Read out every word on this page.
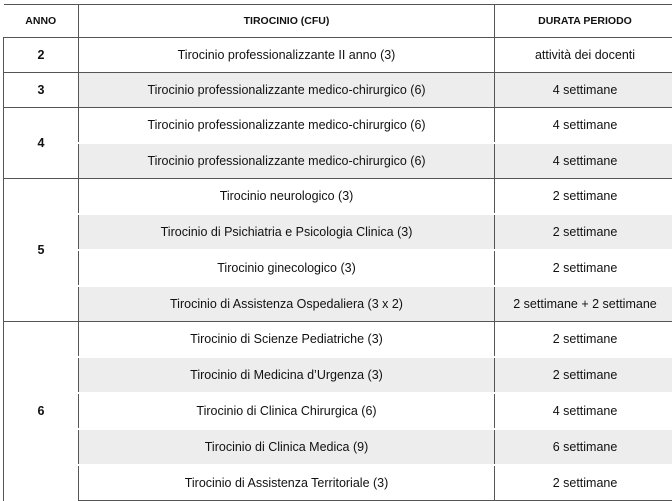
ANNO	TIROCINIO (CFU)	DURATA PERIODO
2	Tirocinio professionalizzante II anno (3)	attività dei docenti
3	Tirocinio professionalizzante medico-chirurgico (6)	4 settimane
4	Tirocinio professionalizzante medico-chirurgico (6)	4 settimane
	Tirocinio professionalizzante medico-chirurgico (6)	4 settimane
5	Tirocinio neurologico (3)	2 settimane
	Tirocinio di Psichiatria e Psicologia Clinica (3)	2 settimane
	Tirocinio ginecologico (3)	2 settimane
	Tirocinio di Assistenza Ospedaliera (3 x 2)	2 settimane + 2 settimane
6	Tirocinio di Scienze Pediatriche (3)	2 settimane
	Tirocinio di Medicina d’Urgenza (3)	2 settimane
	Tirocinio di Clinica Chirurgica (6)	4 settimane
	Tirocinio di Clinica Medica (9)	6 settimane
	Tirocinio di Assistenza Territoriale (3)	2 settimane
